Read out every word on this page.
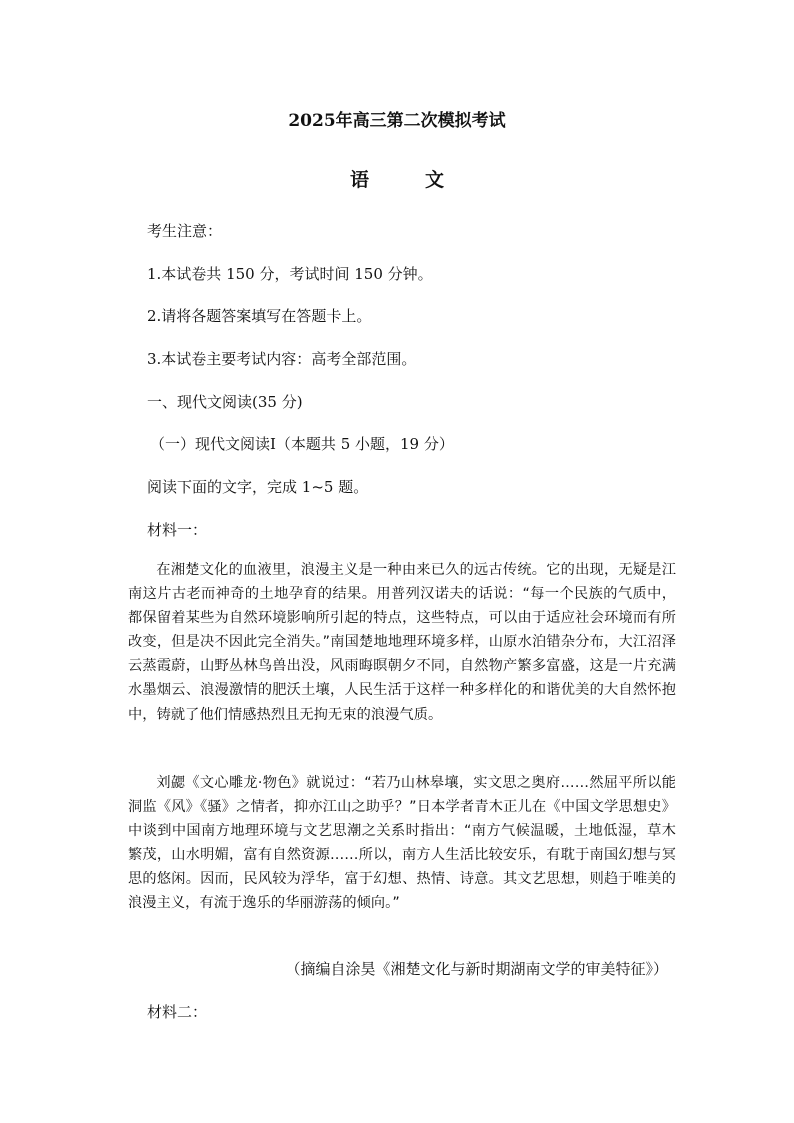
2025年高三第二次模拟考试

语	文

考生注意：

1.本试卷共 150 分，考试时间 150 分钟。

2.请将各题答案填写在答题卡上。

3.本试卷主要考试内容：高考全部范围。

一、现代文阅读(35 分)

（一）现代文阅读Ⅰ（本题共 5 小题，19 分）

阅读下面的文字，完成 1~5 题。

材料一：

在湘楚文化的血液里，浪漫主义是一种由来已久的远古传统。它的出现，无疑是江南这片古老而神奇的土地孕育的结果。用普列汉诺夫的话说：“每一个民族的气质中，都保留着某些为自然环境影响所引起的特点，这些特点，可以由于适应社会环境而有所改变，但是决不因此完全消失。”南国楚地地理环境多样，山原水泊错杂分布，大江沼泽云蒸霞蔚，山野丛林鸟兽出没，风雨晦暝朝夕不同，自然物产繁多富盛，这是一片充满水墨烟云、浪漫激情的肥沃土壤，人民生活于这样一种多样化的和谐优美的大自然怀抱中，铸就了他们情感热烈且无拘无束的浪漫气质。

刘勰《文心雕龙·物色》就说过：“若乃山林皋壤，实文思之奥府……然屈平所以能洞监《风》《骚》之情者，抑亦江山之助乎？”日本学者青木正儿在《中国文学思想史》中谈到中国南方地理环境与文艺思潮之关系时指出：“南方气候温暖，土地低湿，草木繁茂，山水明媚，富有自然资源……所以，南方人生活比较安乐，有耽于南国幻想与冥思的悠闲。因而，民风较为浮华，富于幻想、热情、诗意。其文艺思想，则趋于唯美的浪漫主义，有流于逸乐的华丽游荡的倾向。”

（摘编自涂昊《湘楚文化与新时期湖南文学的审美特征》）

材料二：
